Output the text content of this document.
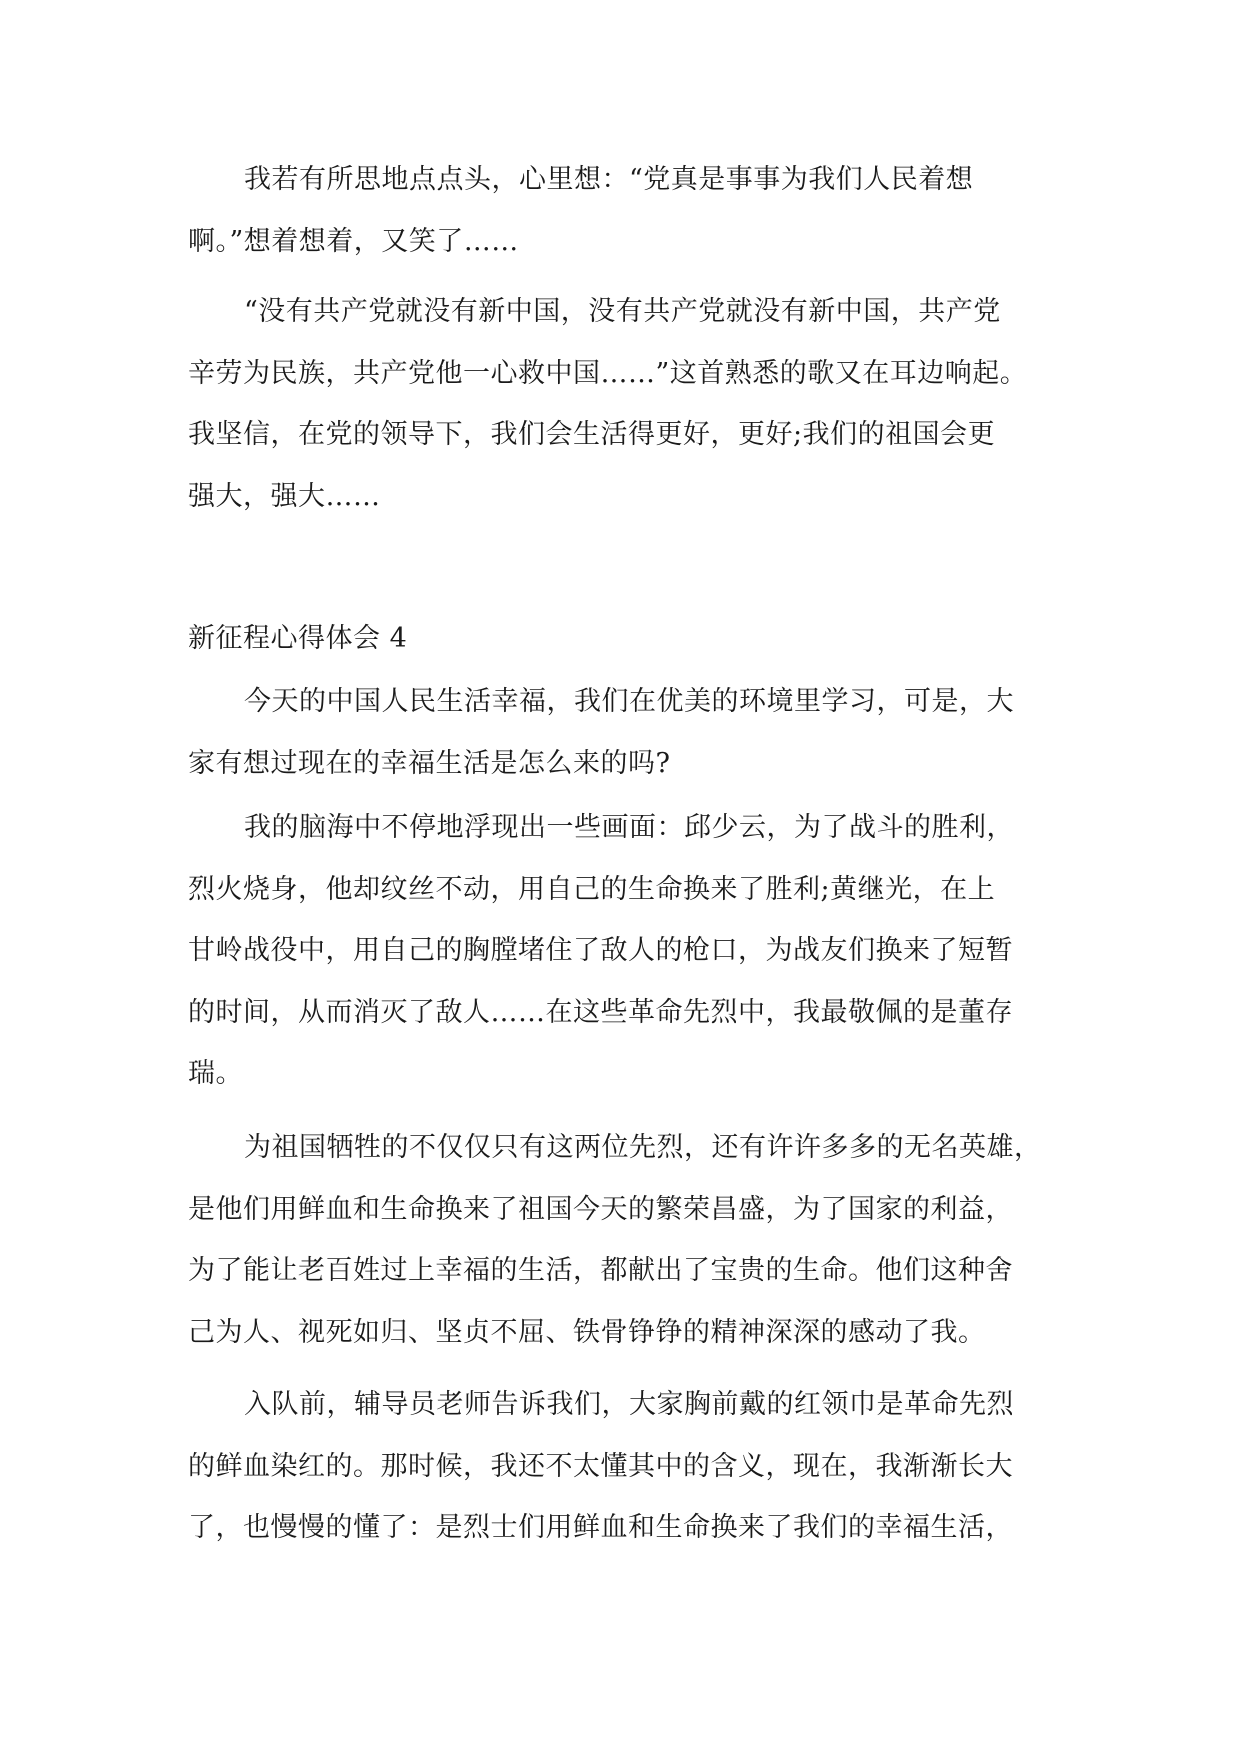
我若有所思地点点头，心里想：“党真是事事为我们人民着想
啊。”想着想着，又笑了……
“没有共产党就没有新中国，没有共产党就没有新中国，共产党
辛劳为民族，共产党他一心救中国……”这首熟悉的歌又在耳边响起。
我坚信，在党的领导下，我们会生活得更好，更好;我们的祖国会更
强大，强大……
新征程心得体会 4
今天的中国人民生活幸福，我们在优美的环境里学习，可是，大
家有想过现在的幸福生活是怎么来的吗?
我的脑海中不停地浮现出一些画面：邱少云，为了战斗的胜利，
烈火烧身，他却纹丝不动，用自己的生命换来了胜利;黄继光，在上
甘岭战役中，用自己的胸膛堵住了敌人的枪口，为战友们换来了短暂
的时间，从而消灭了敌人……在这些革命先烈中，我最敬佩的是董存
瑞。
为祖国牺牲的不仅仅只有这两位先烈，还有许许多多的无名英雄，
是他们用鲜血和生命换来了祖国今天的繁荣昌盛，为了国家的利益，
为了能让老百姓过上幸福的生活，都献出了宝贵的生命。他们这种舍
己为人、视死如归、坚贞不屈、铁骨铮铮的精神深深的感动了我。
入队前，辅导员老师告诉我们，大家胸前戴的红领巾是革命先烈
的鲜血染红的。那时候，我还不太懂其中的含义，现在，我渐渐长大
了，也慢慢的懂了：是烈士们用鲜血和生命换来了我们的幸福生活，
